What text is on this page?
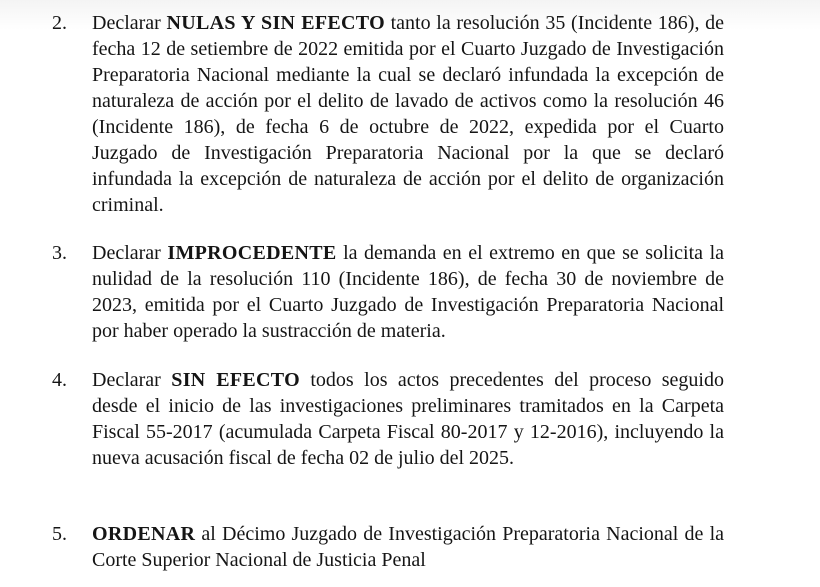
2.	Declarar NULAS Y SIN EFECTO tanto la resolución 35 (Incidente 186), de fecha 12 de setiembre de 2022 emitida por el Cuarto Juzgado de Investigación Preparatoria Nacional mediante la cual se declaró infundada la excepción de naturaleza de acción por el delito de lavado de activos como la resolución 46 (Incidente 186), de fecha 6 de octubre de 2022, expedida por el Cuarto Juzgado de Investigación Preparatoria Nacional por la que se declaró infundada la excepción de naturaleza de acción por el delito de organización criminal.
3.	Declarar IMPROCEDENTE la demanda en el extremo en que se solicita la nulidad de la resolución 110 (Incidente 186), de fecha 30 de noviembre de 2023, emitida por el Cuarto Juzgado de Investigación Preparatoria Nacional por haber operado la sustracción de materia.
4.	Declarar SIN EFECTO todos los actos precedentes del proceso seguido desde el inicio de las investigaciones preliminares tramitados en la Carpeta Fiscal 55-2017 (acumulada Carpeta Fiscal 80-2017 y 12-2016), incluyendo la nueva acusación fiscal de fecha 02 de julio del 2025.
5.	ORDENAR al Décimo Juzgado de Investigación Preparatoria Nacional de la Corte Superior Nacional de Justicia Penal
